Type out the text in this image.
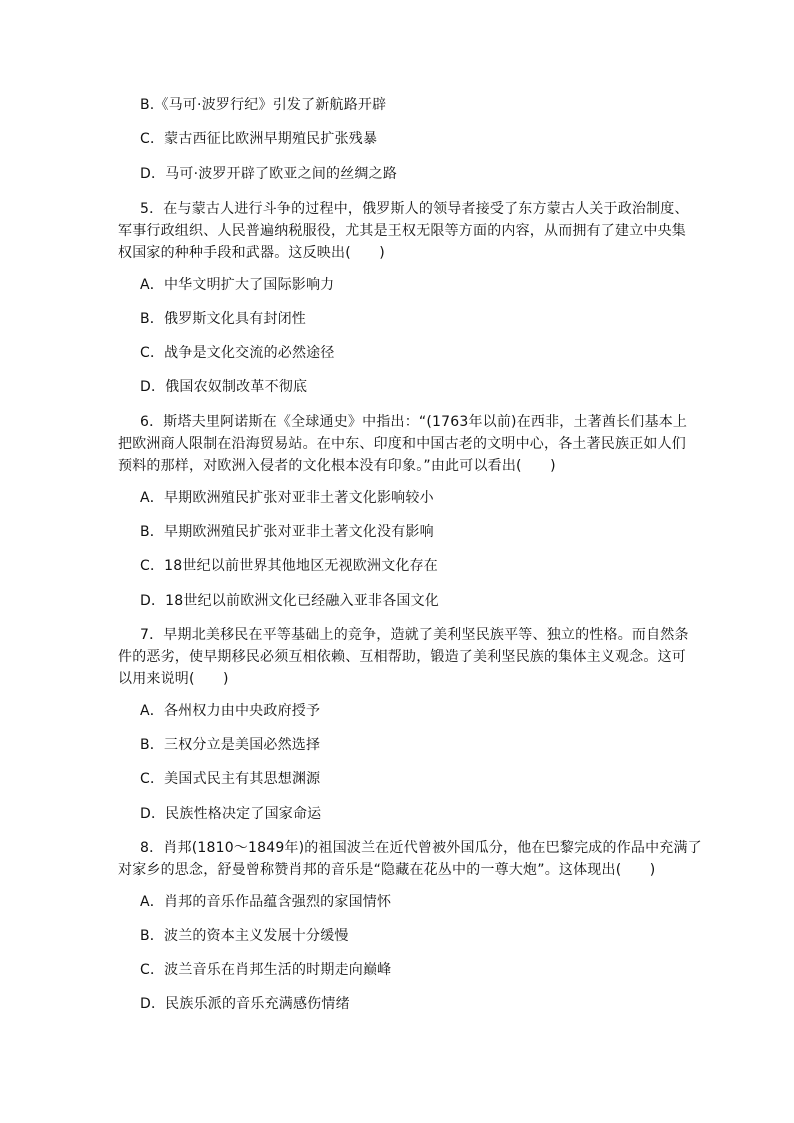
B.《马可·波罗行纪》引发了新航路开辟
C．蒙古西征比欧洲早期殖民扩张残暴
D．马可·波罗开辟了欧亚之间的丝绸之路
5．在与蒙古人进行斗争的过程中，俄罗斯人的领导者接受了东方蒙古人关于政治制度、
军事行政组织、人民普遍纳税服役，尤其是王权无限等方面的内容，从而拥有了建立中央集
权国家的种种手段和武器。这反映出(　　)
A．中华文明扩大了国际影响力
B．俄罗斯文化具有封闭性
C．战争是文化交流的必然途径
D．俄国农奴制改革不彻底
6．斯塔夫里阿诺斯在《全球通史》中指出：“(1763年以前)在西非，土著酋长们基本上
把欧洲商人限制在沿海贸易站。在中东、印度和中国古老的文明中心，各土著民族正如人们
预料的那样，对欧洲入侵者的文化根本没有印象。”由此可以看出(　　)
A．早期欧洲殖民扩张对亚非土著文化影响较小
B．早期欧洲殖民扩张对亚非土著文化没有影响
C．18世纪以前世界其他地区无视欧洲文化存在
D．18世纪以前欧洲文化已经融入亚非各国文化
7．早期北美移民在平等基础上的竞争，造就了美利坚民族平等、独立的性格。而自然条
件的恶劣，使早期移民必须互相依赖、互相帮助，锻造了美利坚民族的集体主义观念。这可
以用来说明(　　)
A．各州权力由中央政府授予
B．三权分立是美国必然选择
C．美国式民主有其思想渊源
D．民族性格决定了国家命运
8．肖邦(1810～1849年)的祖国波兰在近代曾被外国瓜分，他在巴黎完成的作品中充满了
对家乡的思念，舒曼曾称赞肖邦的音乐是“隐藏在花丛中的一尊大炮”。这体现出(　　)
A．肖邦的音乐作品蕴含强烈的家国情怀
B．波兰的资本主义发展十分缓慢
C．波兰音乐在肖邦生活的时期走向巅峰
D．民族乐派的音乐充满感伤情绪
